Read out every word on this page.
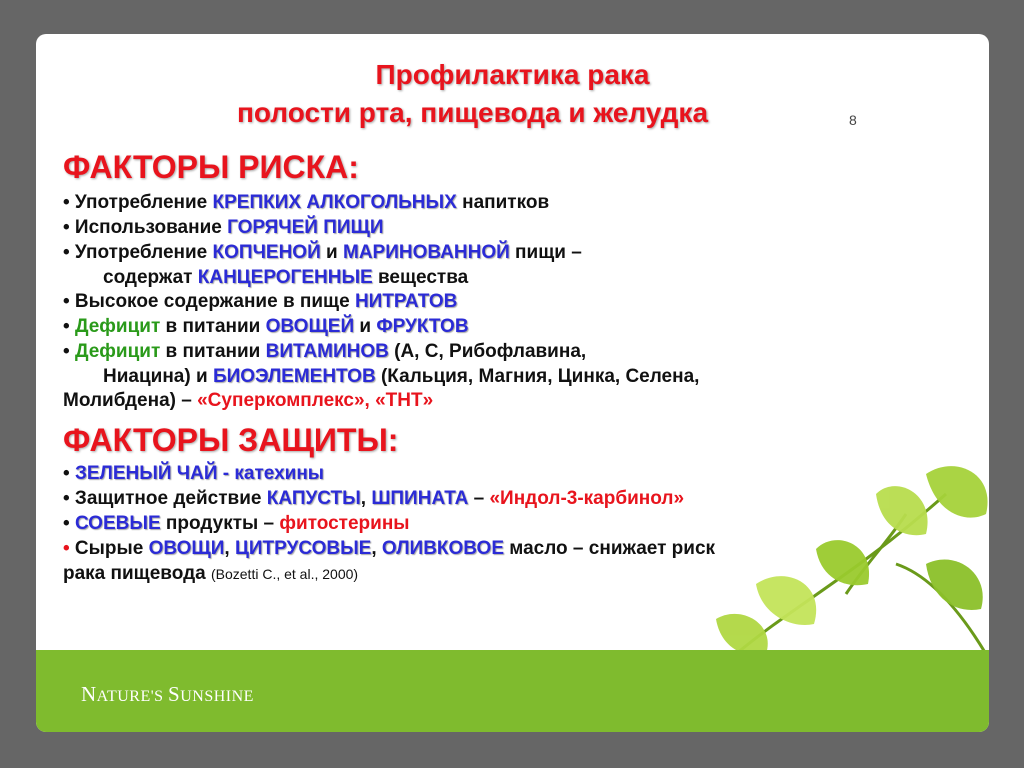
Профилактика рака
полости рта, пищевода и желудка	8
ФАКТОРЫ РИСКА:
• Употребление КРЕПКИХ АЛКОГОЛЬНЫХ напитков
• Использование ГОРЯЧЕЙ ПИЩИ
• Употребление КОПЧЕНОЙ и МАРИНОВАННОЙ пищи –
содержат КАНЦЕРОГЕННЫЕ вещества
• Высокое содержание в пище НИТРАТОВ
• Дефицит в питании ОВОЩЕЙ и ФРУКТОВ
• Дефицит в питании ВИТАМИНОВ (А, С, Рибофлавина,
Ниацина) и БИОЭЛЕМЕНТОВ (Кальция, Магния, Цинка, Селена,
Молибдена) – «Суперкомплекс», «ТНТ»
ФАКТОРЫ ЗАЩИТЫ:
• ЗЕЛЕНЫЙ ЧАЙ - катехины
• Защитное действие КАПУСТЫ, ШПИНАТА – «Индол-3-карбинол»
• СОЕВЫЕ продукты – фитостерины
• Сырые ОВОЩИ, ЦИТРУСОВЫЕ, ОЛИВКОВОЕ масло – снижает риск
рака пищевода (Bozetti C., et al., 2000)
NATURE'S SUNSHINE
